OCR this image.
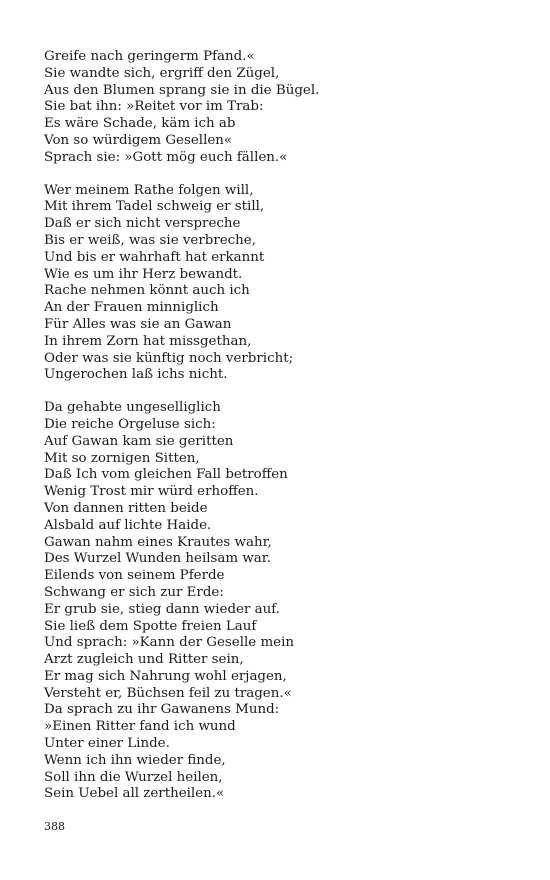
Greife nach geringerm Pfand.«
Sie wandte sich, ergriff den Zügel,
Aus den Blumen sprang sie in die Bügel.
Sie bat ihn: »Reitet vor im Trab:
Es wäre Schade, käm ich ab
Von so würdigem Gesellen«
Sprach sie: »Gott mög euch fällen.«
Wer meinem Rathe folgen will,
Mit ihrem Tadel schweig er still,
Daß er sich nicht verspreche
Bis er weiß, was sie verbreche,
Und bis er wahrhaft hat erkannt
Wie es um ihr Herz bewandt.
Rache nehmen könnt auch ich
An der Frauen minniglich
Für Alles was sie an Gawan
In ihrem Zorn hat missgethan,
Oder was sie künftig noch verbricht;
Ungerochen laß ichs nicht.
Da gehabte ungeselliglich
Die reiche Orgeluse sich:
Auf Gawan kam sie geritten
Mit so zornigen Sitten,
Daß Ich vom gleichen Fall betroffen
Wenig Trost mir würd erhoffen.
Von dannen ritten beide
Alsbald auf lichte Haide.
Gawan nahm eines Krautes wahr,
Des Wurzel Wunden heilsam war.
Eilends von seinem Pferde
Schwang er sich zur Erde:
Er grub sie, stieg dann wieder auf.
Sie ließ dem Spotte freien Lauf
Und sprach: »Kann der Geselle mein
Arzt zugleich und Ritter sein,
Er mag sich Nahrung wohl erjagen,
Versteht er, Büchsen feil zu tragen.«
Da sprach zu ihr Gawanens Mund:
»Einen Ritter fand ich wund
Unter einer Linde.
Wenn ich ihn wieder finde,
Soll ihn die Wurzel heilen,
Sein Uebel all zertheilen.«
388
